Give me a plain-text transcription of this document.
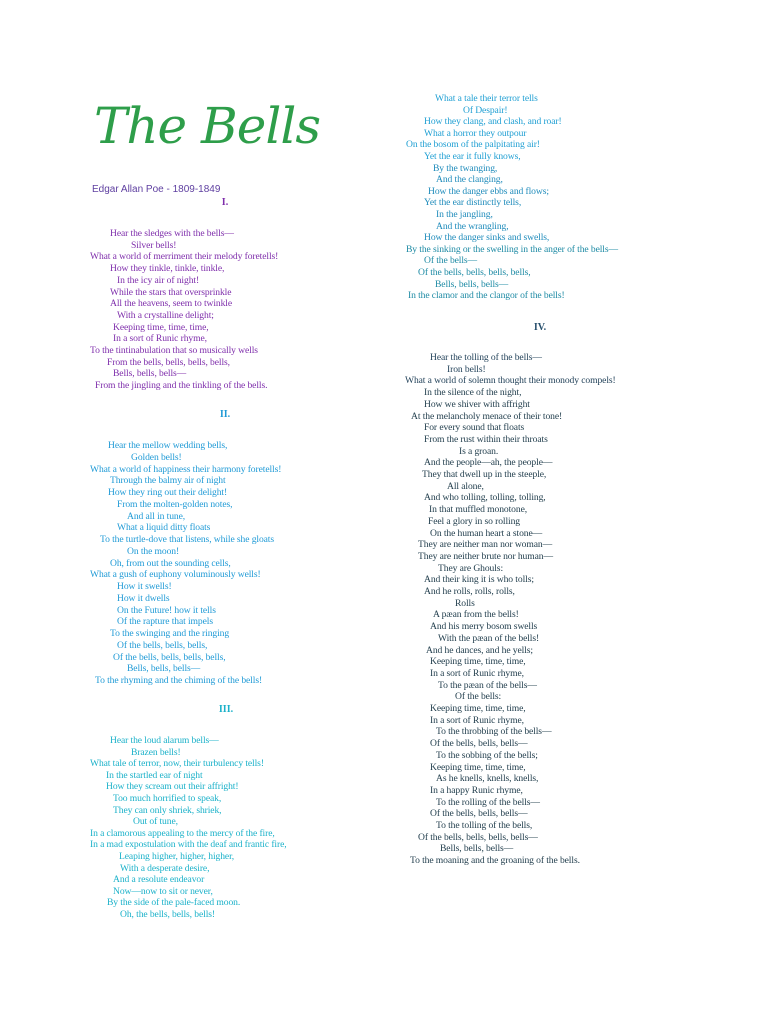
The Bells
Edgar Allan Poe - 1809-1849
I.
II.
III.
IV.
Hear the sledges with the bells—
Silver bells!
What a world of merriment their melody foretells!
How they tinkle, tinkle, tinkle,
In the icy air of night!
While the stars that oversprinkle
All the heavens, seem to twinkle
With a crystalline delight;
Keeping time, time, time,
In a sort of Runic rhyme,
To the tintinabulation that so musically wells
From the bells, bells, bells, bells,
Bells, bells, bells—
From the jingling and the tinkling of the bells.
Hear the mellow wedding bells,
Golden bells!
What a world of happiness their harmony foretells!
Through the balmy air of night
How they ring out their delight!
From the molten-golden notes,
And all in tune,
What a liquid ditty floats
To the turtle-dove that listens, while she gloats
On the moon!
Oh, from out the sounding cells,
What a gush of euphony voluminously wells!
How it swells!
How it dwells
On the Future! how it tells
Of the rapture that impels
To the swinging and the ringing
Of the bells, bells, bells,
Of the bells, bells, bells, bells,
Bells, bells, bells—
To the rhyming and the chiming of the bells!
Hear the loud alarum bells—
Brazen bells!
What tale of terror, now, their turbulency tells!
In the startled ear of night
How they scream out their affright!
Too much horrified to speak,
They can only shriek, shriek,
Out of tune,
In a clamorous appealing to the mercy of the fire,
In a mad expostulation with the deaf and frantic fire,
Leaping higher, higher, higher,
With a desperate desire,
And a resolute endeavor
Now—now to sit or never,
By the side of the pale-faced moon.
Oh, the bells, bells, bells!
What a tale their terror tells
Of Despair!
How they clang, and clash, and roar!
What a horror they outpour
On the bosom of the palpitating air!
Yet the ear it fully knows,
By the twanging,
And the clanging,
How the danger ebbs and flows;
Yet the ear distinctly tells,
In the jangling,
And the wrangling,
How the danger sinks and swells,
By the sinking or the swelling in the anger of the bells—
Of the bells—
Of the bells, bells, bells, bells,
Bells, bells, bells—
In the clamor and the clangor of the bells!
Hear the tolling of the bells—
Iron bells!
What a world of solemn thought their monody compels!
In the silence of the night,
How we shiver with affright
At the melancholy menace of their tone!
For every sound that floats
From the rust within their throats
Is a groan.
And the people—ah, the people—
They that dwell up in the steeple,
All alone,
And who tolling, tolling, tolling,
In that muffled monotone,
Feel a glory in so rolling
On the human heart a stone—
They are neither man nor woman—
They are neither brute nor human—
They are Ghouls:
And their king it is who tolls;
And he rolls, rolls, rolls,
Rolls
A pæan from the bells!
And his merry bosom swells
With the pæan of the bells!
And he dances, and he yells;
Keeping time, time, time,
In a sort of Runic rhyme,
To the pæan of the bells—
Of the bells:
Keeping time, time, time,
In a sort of Runic rhyme,
To the throbbing of the bells—
Of the bells, bells, bells—
To the sobbing of the bells;
Keeping time, time, time,
As he knells, knells, knells,
In a happy Runic rhyme,
To the rolling of the bells—
Of the bells, bells, bells—
To the tolling of the bells,
Of the bells, bells, bells, bells—
Bells, bells, bells—
To the moaning and the groaning of the bells.
